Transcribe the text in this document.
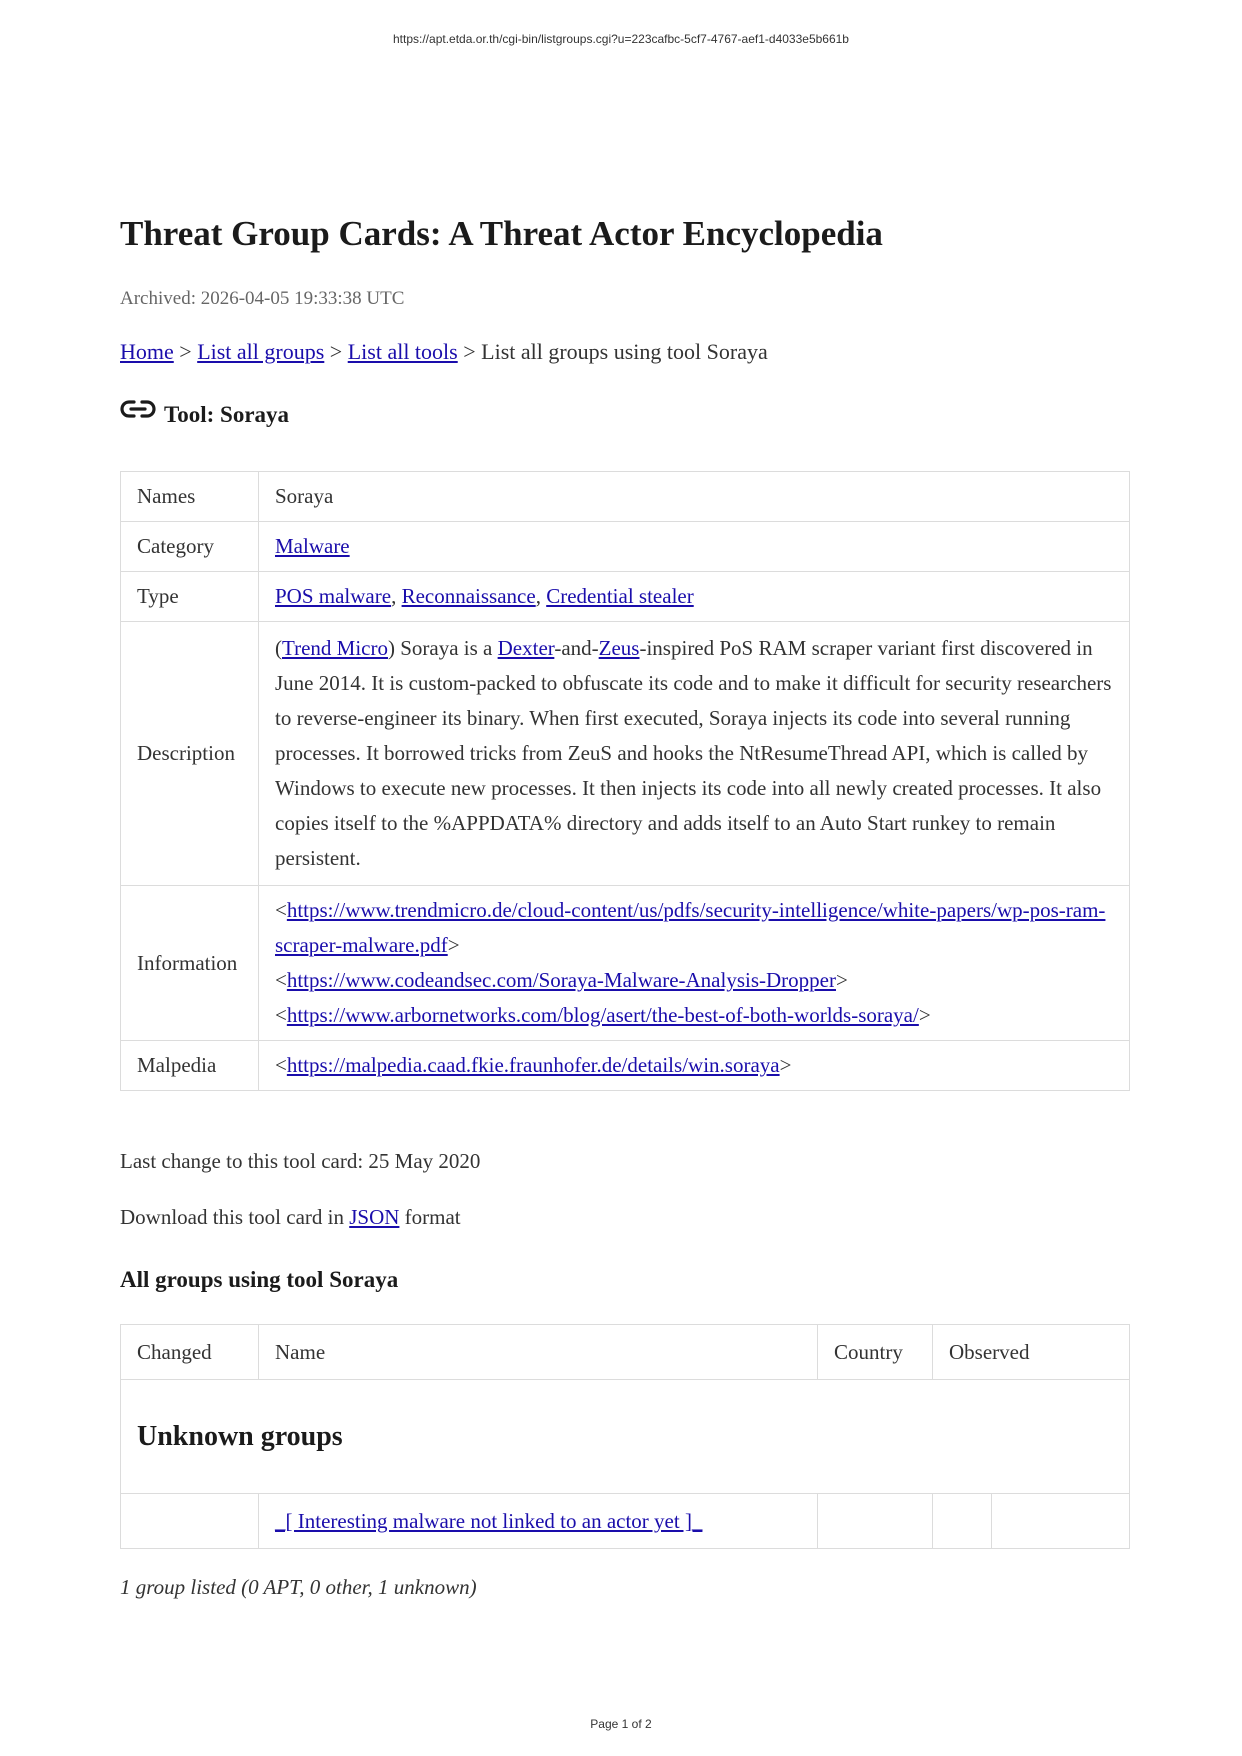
https://apt.etda.or.th/cgi-bin/listgroups.cgi?u=223cafbc-5cf7-4767-aef1-d4033e5b661b
Threat Group Cards: A Threat Actor Encyclopedia
Archived: 2026-04-05 19:33:38 UTC
Home > List all groups > List all tools > List all groups using tool Soraya
Tool: Soraya
Names	Soraya
Category	Malware
Type	POS malware, Reconnaissance, Credential stealer
Description	(Trend Micro) Soraya is a Dexter-and-Zeus-inspired PoS RAM scraper variant first discovered in June 2014. It is custom-packed to obfuscate its code and to make it difficult for security researchers to reverse-engineer its binary. When first executed, Soraya injects its code into several running processes. It borrowed tricks from ZeuS and hooks the NtResumeThread API, which is called by Windows to execute new processes. It then injects its code into all newly created processes. It also copies itself to the %APPDATA% directory and adds itself to an Auto Start runkey to remain persistent.
Information	<https://www.trendmicro.de/cloud-content/us/pdfs/security-intelligence/white-papers/wp-pos-ram-scraper-malware.pdf>
<https://www.codeandsec.com/Soraya-Malware-Analysis-Dropper>
<https://www.arbornetworks.com/blog/asert/the-best-of-both-worlds-soraya/>
Malpedia	<https://malpedia.caad.fkie.fraunhofer.de/details/win.soraya>
Last change to this tool card: 25 May 2020
Download this tool card in JSON format
All groups using tool Soraya
Changed	Name	Country	Observed
Unknown groups			
	_[ Interesting malware not linked to an actor yet ]_		
1 group listed (0 APT, 0 other, 1 unknown)
Page 1 of 2
